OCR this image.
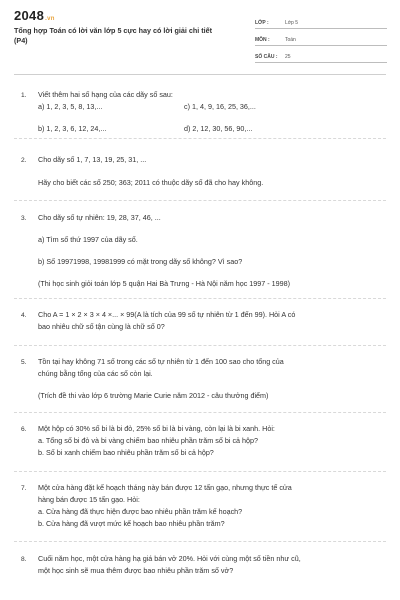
2048.vn
Tổng hợp Toán có lời văn lớp 5 cực hay có lời giải chi tiết
(P4)
LỚP :	Lớp 5
MÔN :	Toán
SỐ CÂU :	25
1. Viết thêm hai số hạng của các dãy số sau:
a) 1, 2, 3, 5, 8, 13,...	c) 1, 4, 9, 16, 25, 36,...
b) 1, 2, 3, 6, 12, 24,...	d) 2, 12, 30, 56, 90,...
2. Cho dãy số 1, 7, 13, 19, 25, 31, ...
Hãy cho biết các số 250; 363; 2011 có thuộc dãy số đã cho hay không.
3. Cho dãy số tự nhiên: 19, 28, 37, 46, ...
a) Tìm số thứ 1997 của dãy số.
b) Số 19971998, 19981999 có mặt trong dãy số không? Vì sao?
(Thi học sinh giỏi toán lớp 5 quận Hai Bà Trưng - Hà Nội năm học 1997 - 1998)
4. Cho A = 1 × 2 × 3 × 4 ×... × 99(A là tích của 99 số tự nhiên từ 1 đến 99). Hỏi A có
bao nhiêu chữ số tận cùng là chữ số 0?
5. Tồn tại hay không 71 số trong các số tự nhiên từ 1 đến 100 sao cho tổng của
chúng bằng tổng của các số còn lại.
(Trích đề thi vào lớp 6 trường Marie Curie năm 2012 - câu thưởng điểm)
6. Một hộp có 30% số bi là bi đỏ, 25% số bi là bi vàng, còn lại là bi xanh. Hỏi:
a. Tổng số bi đỏ và bi vàng chiếm bao nhiêu phần trăm số bi cả hộp?
b. Số bi xanh chiếm bao nhiêu phần trăm số bi cả hộp?
7. Một cửa hàng đặt kế hoạch tháng này bán được 12 tấn gạo, nhưng thực tế cửa
hàng bán được 15 tấn gạo. Hỏi:
a. Cửa hàng đã thực hiện được bao nhiêu phần trăm kế hoạch?
b. Cửa hàng đã vượt mức kế hoạch bao nhiêu phần trăm?
8. Cuối năm học, một cửa hàng hạ giá bán vở 20%. Hỏi với cùng một số tiền như cũ,
một học sinh sẽ mua thêm được bao nhiêu phần trăm số vở?
